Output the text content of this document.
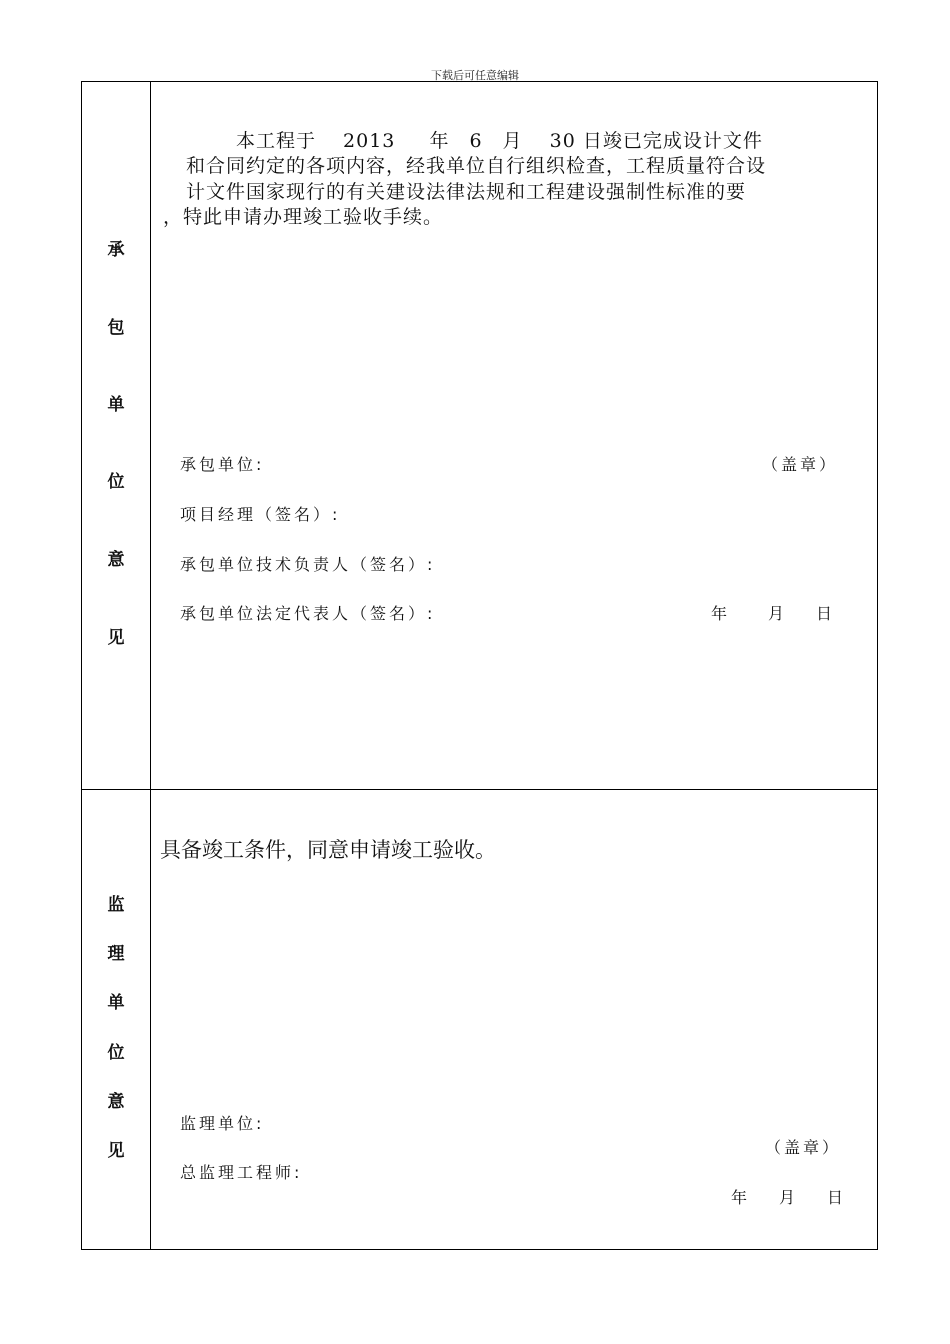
下载后可任意编辑
承
包
单
位
意
见
本工程于　 2013 　 年　6　月　 30 日竣已完成设计文件
和合同约定的各项内容，经我单位自行组织检查，工程质量符合设
计文件国家现行的有关建设法律法规和工程建设强制性标准的要
，特此申请办理竣工验收手续。
承包单位:	（盖章）
项目经理（签名）:
承包单位技术负责人（签名）:
承包单位法定代表人（签名）:	年 月 日
监
理
单
位
意
见
具备竣工条件，同意申请竣工验收。
监理单位:
（盖章）
总监理工程师:
年 月 日
